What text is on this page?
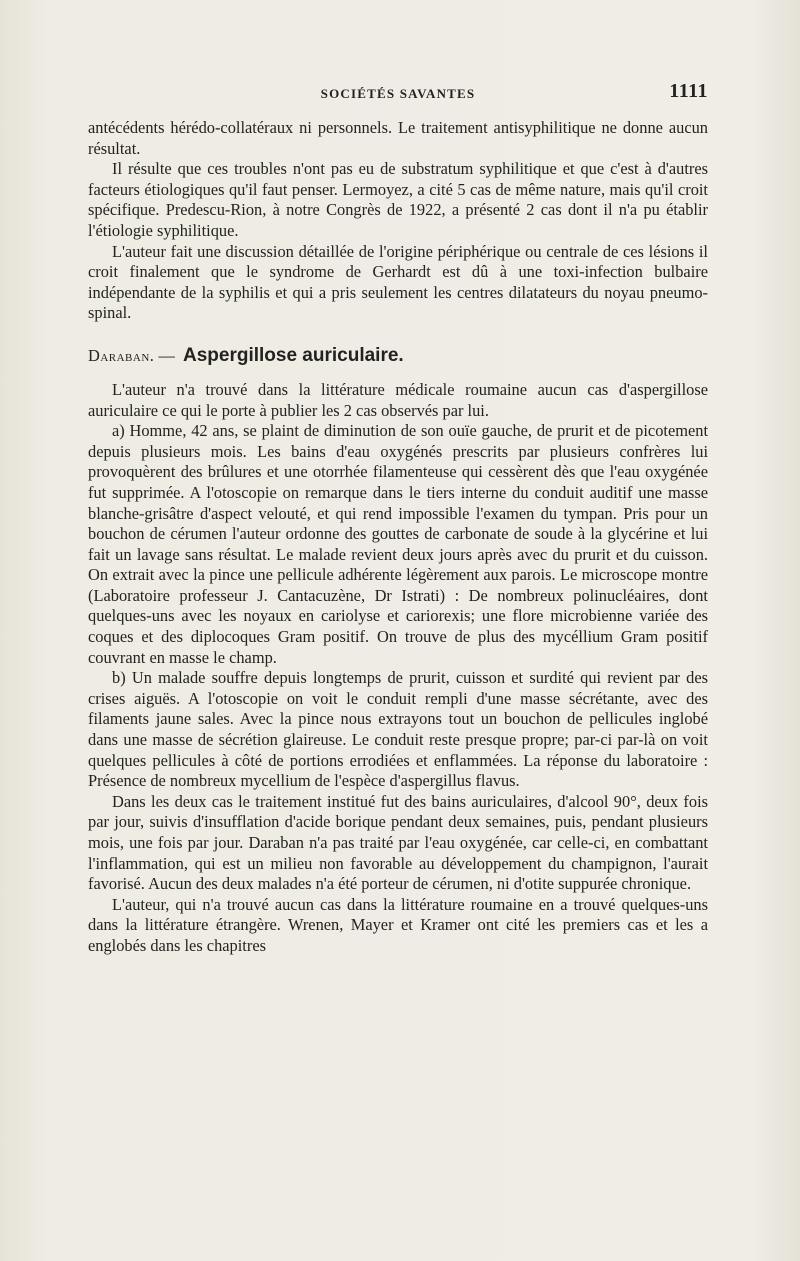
SOCIÉTÉS SAVANTES	1111

antécédents hérédo-collatéraux ni personnels. Le traitement antisyphilitique ne donne aucun résultat.

Il résulte que ces troubles n'ont pas eu de substratum syphilitique et que c'est à d'autres facteurs étiologiques qu'il faut penser. Lermoyez, a cité 5 cas de même nature, mais qu'il croit spécifique. Predescu-Rion, à notre Congrès de 1922, a présenté 2 cas dont il n'a pu établir l'étiologie syphilitique.

L'auteur fait une discussion détaillée de l'origine périphérique ou centrale de ces lésions il croit finalement que le syndrome de Gerhardt est dû à une toxi-infection bulbaire indépendante de la syphilis et qui a pris seulement les centres dilatateurs du noyau pneumo-spinal.

Daraban. — Aspergillose auriculaire.

L'auteur n'a trouvé dans la littérature médicale roumaine aucun cas d'aspergillose auriculaire ce qui le porte à publier les 2 cas observés par lui.

a) Homme, 42 ans, se plaint de diminution de son ouïe gauche, de prurit et de picotement depuis plusieurs mois. Les bains d'eau oxygénés prescrits par plusieurs confrères lui provoquèrent des brûlures et une otorrhée filamenteuse qui cessèrent dès que l'eau oxygénée fut supprimée. A l'otoscopie on remarque dans le tiers interne du conduit auditif une masse blanche-grisâtre d'aspect velouté, et qui rend impossible l'examen du tympan. Pris pour un bouchon de cérumen l'auteur ordonne des gouttes de carbonate de soude à la glycérine et lui fait un lavage sans résultat. Le malade revient deux jours après avec du prurit et du cuisson. On extrait avec la pince une pellicule adhérente légèrement aux parois. Le microscope montre (Laboratoire professeur J. Cantacuzène, Dr Istrati) : De nombreux polinucléaires, dont quelques-uns avec les noyaux en cariolyse et cariorexis; une flore microbienne variée des coques et des diplocoques Gram positif. On trouve de plus des mycéllium Gram positif couvrant en masse le champ.

b) Un malade souffre depuis longtemps de prurit, cuisson et surdité qui revient par des crises aiguës. A l'otoscopie on voit le conduit rempli d'une masse sécrétante, avec des filaments jaune sales. Avec la pince nous extrayons tout un bouchon de pellicules inglobé dans une masse de sécrétion glaireuse. Le conduit reste presque propre; par-ci par-là on voit quelques pellicules à côté de portions errodiées et enflammées. La réponse du laboratoire : Présence de nombreux mycellium de l'espèce d'aspergillus flavus.

Dans les deux cas le traitement institué fut des bains auriculaires, d'alcool 90°, deux fois par jour, suivis d'insufflation d'acide borique pendant deux semaines, puis, pendant plusieurs mois, une fois par jour. Daraban n'a pas traité par l'eau oxygénée, car celle-ci, en combattant l'inflammation, qui est un milieu non favorable au développement du champignon, l'aurait favorisé. Aucun des deux malades n'a été porteur de cérumen, ni d'otite suppurée chronique.

L'auteur, qui n'a trouvé aucun cas dans la littérature roumaine en a trouvé quelques-uns dans la littérature étrangère. Wrenen, Mayer et Kramer ont cité les premiers cas et les a englobés dans les chapitres
